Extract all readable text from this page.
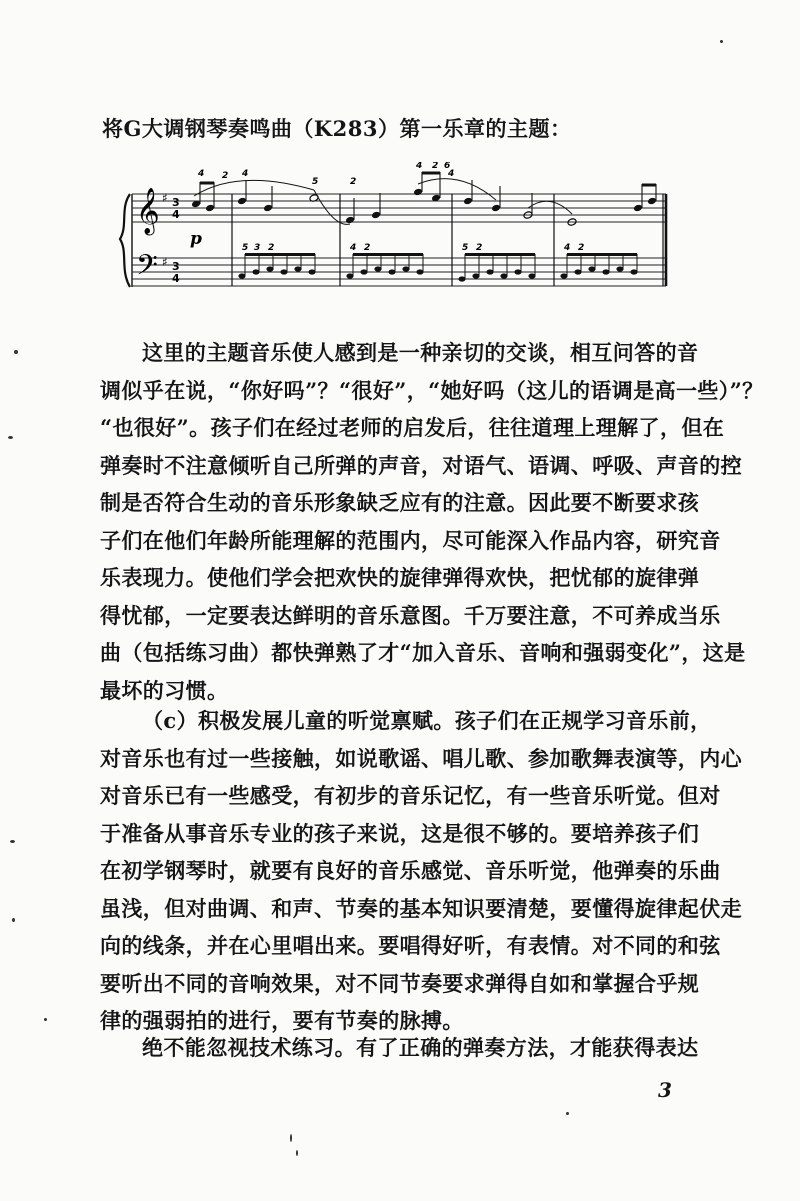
将G大调钢琴奏鸣曲（K283）第一乐章的主题：
𝄞
𝄢
♯
♯
3
4
3
4
4 2 4
5	2
4 2 6
4
p	5 3 2	4 2	5 2	4 2
这里的主题音乐使人感到是一种亲切的交谈，相互问答的音
调似乎在说，“你好吗”？“很好”，“她好吗（这儿的语调是高一些）”？
“也很好”。孩子们在经过老师的启发后，往往道理上理解了，但在
弹奏时不注意倾听自己所弹的声音，对语气、语调、呼吸、声音的控
制是否符合生动的音乐形象缺乏应有的注意。因此要不断要求孩
子们在他们年龄所能理解的范围内，尽可能深入作品内容，研究音
乐表现力。使他们学会把欢快的旋律弹得欢快，把忧郁的旋律弹
得忧郁，一定要表达鲜明的音乐意图。千万要注意，不可养成当乐
曲（包括练习曲）都快弹熟了才“加入音乐、音响和强弱变化”，这是
最坏的习惯。
（c）积极发展儿童的听觉禀赋。孩子们在正规学习音乐前，
对音乐也有过一些接触，如说歌谣、唱儿歌、参加歌舞表演等，内心
对音乐已有一些感受，有初步的音乐记忆，有一些音乐听觉。但对
于准备从事音乐专业的孩子来说，这是很不够的。要培养孩子们
在初学钢琴时，就要有良好的音乐感觉、音乐听觉，他弹奏的乐曲
虽浅，但对曲调、和声、节奏的基本知识要清楚，要懂得旋律起伏走
向的线条，并在心里唱出来。要唱得好听，有表情。对不同的和弦
要听出不同的音响效果，对不同节奏要求弹得自如和掌握合乎规
律的强弱拍的进行，要有节奏的脉搏。
绝不能忽视技术练习。有了正确的弹奏方法，才能获得表达
3
